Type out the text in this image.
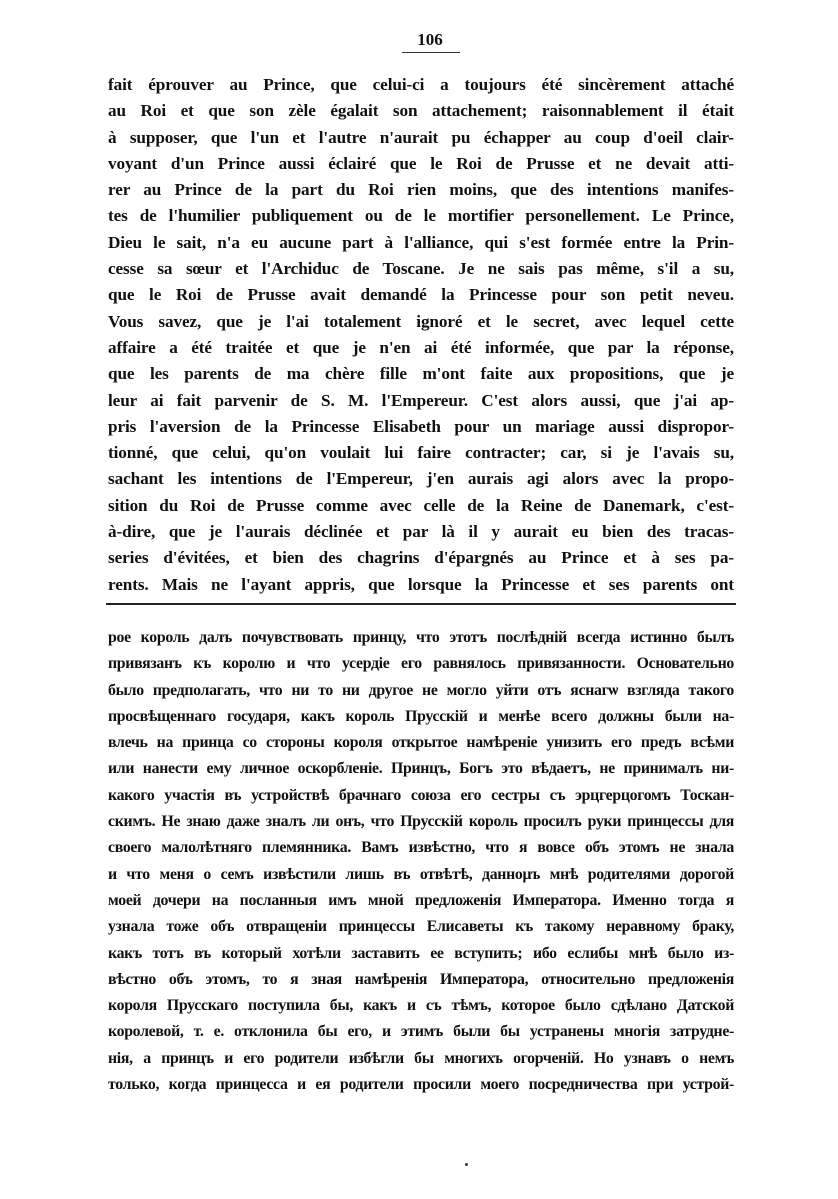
106
fait éprouver au Prince, que celui-ci a toujours été sincèrement attaché
au Roi et que son zèle égalait son attachement; raisonnablement il était
à supposer, que l'un et l'autre n'aurait pu échapper au coup d'oeil clair-
voyant d'un Prince aussi éclairé que le Roi de Prusse et ne devait atti-
rer au Prince de la part du Roi rien moins, que des intentions manifes-
tes de l'humilier publiquement ou de le mortifier personellement. Le Prince,
Dieu le sait, n'a eu aucune part à l'alliance, qui s'est formée entre la Prin-
cesse sa sœur et l'Archiduc de Toscane. Je ne sais pas même, s'il a su,
que le Roi de Prusse avait demandé la Princesse pour son petit neveu.
Vous savez, que je l'ai totalement ignoré et le secret, avec lequel cette
affaire a été traitée et que je n'en ai été informée, que par la réponse,
que les parents de ma chère fille m'ont faite aux propositions, que je
leur ai fait parvenir de S. M. l'Empereur. C'est alors aussi, que j'ai ap-
pris l'aversion de la Princesse Elisabeth pour un mariage aussi dispropor-
tionné, que celui, qu'on voulait lui faire contracter; car, si je l'avais su,
sachant les intentions de l'Empereur, j'en aurais agi alors avec la propo-
sition du Roi de Prusse comme avec celle de la Reine de Danemark, c'est-
à-dire, que je l'aurais déclinée et par là il y aurait eu bien des tracas-
series d'évitées, et bien des chagrins d'épargnés au Prince et à ses pa-
rents. Mais ne l'ayant appris, que lorsque la Princesse et ses parents ont
рое король далъ почувствовать принцу, что этотъ послѣдній всегда истинно былъ
привязанъ къ королю и что усердіе его равнялось привязанности. Основательно
было предполагать, что ни то ни другое не могло уйти отъ яснагѡ взгляда такого
просвѣщеннаго государя, какъ король Прусскій и менѣе всего должны были на-
влечь на принца со стороны короля открытое намѣреніе унизить его предъ всѣми
или нанести ему личное оскорбленіе. Принцъ, Богъ это вѣдаетъ, не принималъ ни-
какого участія въ устройствѣ брачнаго союза его сестры съ эрцгерцогомъ Тоскан-
скимъ. Не знаю даже зналъ ли онъ, что Прусскій король просилъ руки принцессы для
своего малолѣтняго племянника. Вамъ извѣстно, что я вовсе объ этомъ не знала
и что меня о семъ извѣстили лишь въ отвѣтѣ, даннομъ мнѣ родителями дорогой
моей дочери на посланныя имъ мной предложенія Императора. Именно тогда я
узнала тоже объ отвращеніи принцессы Елисаветы къ такому неравному браку,
какъ тотъ въ который хотѣли заставить ее вступить; ибо еслибы мнѣ было из-
вѣстно объ этомъ, то я зная намѣренія Императора, относительно предложенія
короля Прусскаго поступила бы, какъ и съ тѣмъ, которое было сдѣлано Датской
королевой, т. е. отклонила бы его, и этимъ были бы устранены многія затрудне-
нія, а принцъ и его родители избѣгли бы многихъ огорченій. Но узнавъ о немъ
только, когда принцесса и ея родители просили моего посредничества при устрой-
